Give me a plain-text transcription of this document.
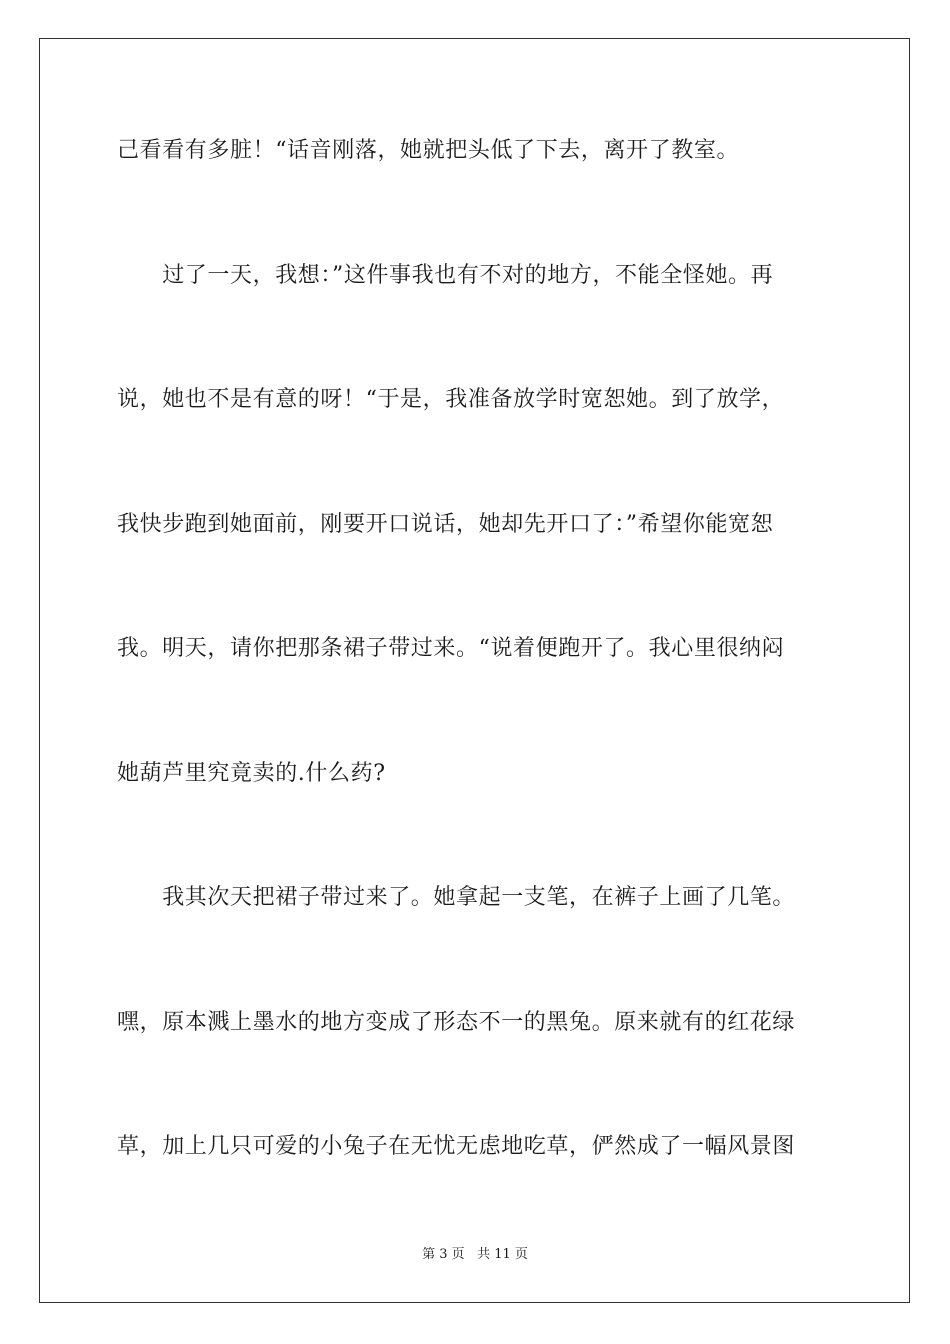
己看看有多脏！“话音刚落，她就把头低了下去，离开了教室。
　　过了一天，我想：”这件事我也有不对的地方，不能全怪她。再
说，她也不是有意的呀！“于是，我准备放学时宽恕她。到了放学，
我快步跑到她面前，刚要开口说话，她却先开口了：”希望你能宽恕
我。明天，请你把那条裙子带过来。“说着便跑开了。我心里很纳闷
她葫芦里究竟卖的.什么药?
　　我其次天把裙子带过来了。她拿起一支笔，在裤子上画了几笔。
嘿，原本溅上墨水的地方变成了形态不一的黑兔。原来就有的红花绿
草，加上几只可爱的小兔子在无忧无虑地吃草，俨然成了一幅风景图
第 3 页 共 11 页
